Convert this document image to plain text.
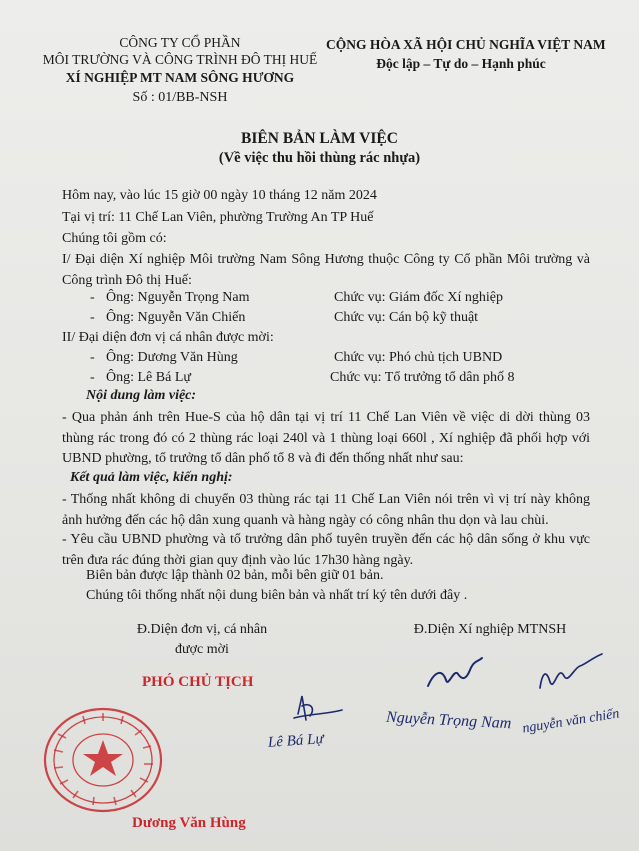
CÔNG TY CỔ PHẦN
MÔI TRƯỜNG VÀ CÔNG TRÌNH ĐÔ THỊ HUẾ
XÍ NGHIỆP MT NAM SÔNG HƯƠNG
Số : 01/BB-NSH
CỘNG HÒA XÃ HỘI CHỦ NGHĨA VIỆT NAM
Độc lập – Tự do – Hạnh phúc
BIÊN BẢN LÀM VIỆC
(Về việc thu hồi thùng rác nhựa)
Hôm nay, vào lúc 15 giờ 00 ngày 10 tháng 12 năm 2024
Tại vị trí: 11 Chế Lan Viên, phường Trường An TP Huế
Chúng tôi gồm có:
I/ Đại diện Xí nghiệp Môi trường Nam Sông Hương thuộc Công ty Cổ phần Môi trường và Công trình Đô thị Huế:
- Ông: Nguyễn Trọng Nam	Chức vụ: Giám đốc Xí nghiệp
- Ông: Nguyễn Văn Chiến	Chức vụ: Cán bộ kỹ thuật
II/ Đại diện đơn vị cá nhân được mời:
- Ông: Dương Văn Hùng	Chức vụ: Phó chủ tịch UBND
- Ông: Lê Bá Lự	Chức vụ: Tổ trưởng tổ dân phố 8
Nội dung làm việc:
- Qua phản ánh trên Hue-S của hộ dân tại vị trí 11 Chế Lan Viên về việc di dời thùng 03 thùng rác trong đó có 2 thùng rác loại 240l và 1 thùng loại 660l , Xí nghiệp đã phối hợp với UBND phường, tổ trưởng tổ dân phố tổ 8 và đi đến thống nhất như sau:
Kết quả làm việc, kiến nghị:
- Thống nhất không di chuyển 03 thùng rác tại 11 Chế Lan Viên nói trên vì vị trí này không ảnh hưởng đến các hộ dân xung quanh và hàng ngày có công nhân thu dọn và lau chùi.
- Yêu cầu UBND phường và tổ trưởng dân phố tuyên truyền đến các hộ dân sống ở khu vực trên đưa rác đúng thời gian quy định vào lúc 17h30 hàng ngày.
Biên bản được lập thành 02 bản, mỗi bên giữ 01 bản.
Chúng tôi thống nhất nội dung biên bản và nhất trí ký tên dưới đây .
Đ.Diện đơn vị, cá nhân
được mời
Đ.Diện Xí nghiệp MTNSH
PHÓ CHỦ TỊCH
Dương Văn Hùng
Lê Bá Lự
Nguyễn Trọng Nam nguyễn văn chiến
